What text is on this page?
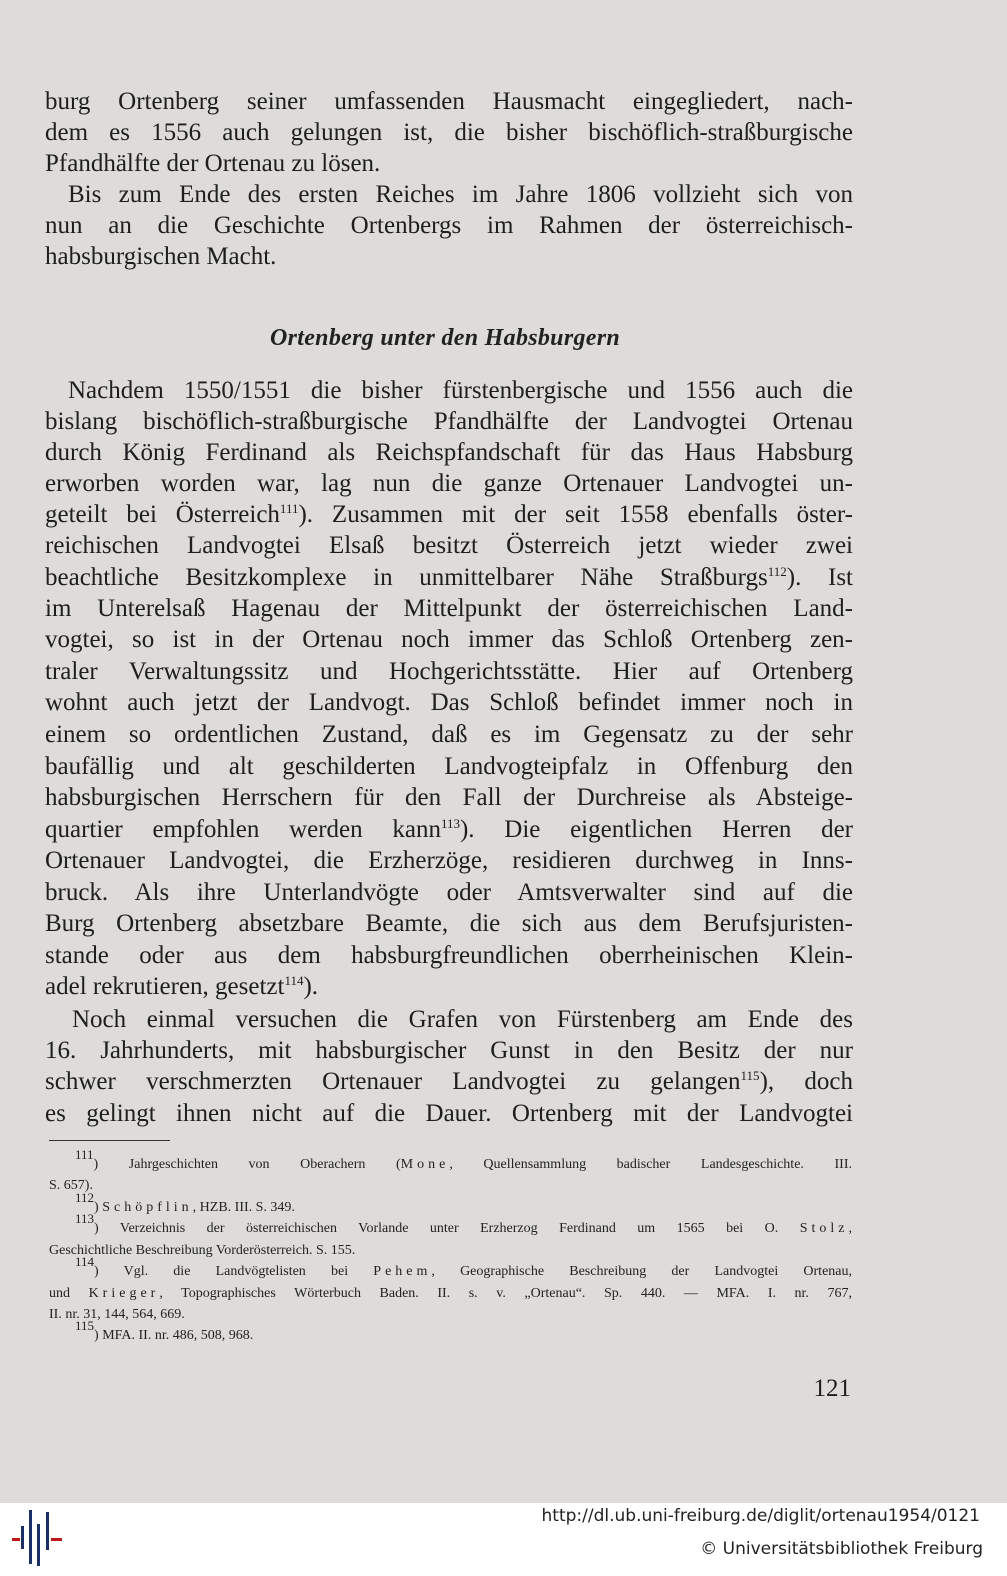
burg Ortenberg seiner umfassenden Hausmacht eingegliedert, nach-

dem es 1556 auch gelungen ist, die bisher bischöflich-straßburgische

Pfandhälfte der Ortenau zu lösen.

Bis zum Ende des ersten Reiches im Jahre 1806 vollzieht sich von

nun an die Geschichte Ortenbergs im Rahmen der österreichisch-

habsburgischen Macht.

Ortenberg unter den Habsburgern

Nachdem 1550/1551 die bisher fürstenbergische und 1556 auch die

bislang bischöflich-straßburgische Pfandhälfte der Landvogtei Ortenau

durch König Ferdinand als Reichspfandschaft für das Haus Habsburg

erworben worden war, lag nun die ganze Ortenauer Landvogtei un-

geteilt bei Österreich$^{111}$). Zusammen mit der seit 1558 ebenfalls öster-

reichischen Landvogtei Elsaß besitzt Österreich jetzt wieder zwei

beachtliche Besitzkomplexe in unmittelbarer Nähe Straßburgs$^{112}$). Ist

im Unterelsaß Hagenau der Mittelpunkt der österreichischen Land-

vogtei, so ist in der Ortenau noch immer das Schloß Ortenberg zen-

traler Verwaltungssitz und Hochgerichtsstätte. Hier auf Ortenberg

wohnt auch jetzt der Landvogt. Das Schloß befindet immer noch in

einem so ordentlichen Zustand, daß es im Gegensatz zu der sehr

baufällig und alt geschilderten Landvogteipfalz in Offenburg den

habsburgischen Herrschern für den Fall der Durchreise als Absteige-

quartier empfohlen werden kann$^{113}$). Die eigentlichen Herren der

Ortenauer Landvogtei, die Erzherzöge, residieren durchweg in Inns-

bruck. Als ihre Unterlandvögte oder Amtsverwalter sind auf die

Burg Ortenberg absetzbare Beamte, die sich aus dem Berufsjuristen-

stande oder aus dem habsburgfreundlichen oberrheinischen Klein-

adel rekrutieren, gesetzt$^{114}$).

Noch einmal versuchen die Grafen von Fürstenberg am Ende des

16. Jahrhunderts, mit habsburgischer Gunst in den Besitz der nur

schwer verschmerzten Ortenauer Landvogtei zu gelangen$^{115}$), doch

es gelingt ihnen nicht auf die Dauer. Ortenberg mit der Landvogtei

$^{111}$) Jahrgeschichten von Oberachern (Mone, Quellensammlung badischer Landesgeschichte. III.

S. 657).

$^{112}$) Schöpflin, HZB. III. S. 349.

$^{113}$) Verzeichnis der österreichischen Vorlande unter Erzherzog Ferdinand um 1565 bei O. Stolz,

Geschichtliche Beschreibung Vorderösterreich. S. 155.

$^{114}$) Vgl. die Landvögtelisten bei Pehem, Geographische Beschreibung der Landvogtei Ortenau,

und Krieger, Topographisches Wörterbuch Baden. II. s. v. „Ortenau“. Sp. 440. — MFA. I. nr. 767,

II. nr. 31, 144, 564, 669.

$^{115}$) MFA. II. nr. 486, 508, 968.

121

http://dl.ub.uni-freiburg.de/diglit/ortenau1954/0121

© Universitätsbibliothek Freiburg
